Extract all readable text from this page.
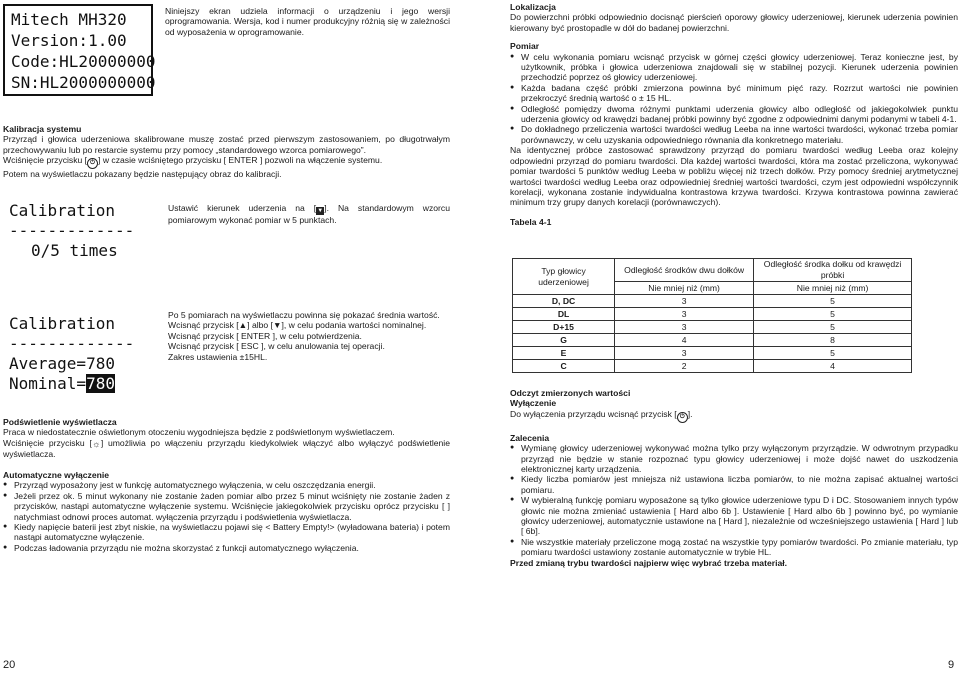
Mitech MH320
Version:1.00
Code:HL20000000
SN:HL2000000000

Niniejszy ekran udziela informacji o urządzeniu i jego wersji oprogramowania. Wersja, kod i numer produkcyjny różnią się w zależności od wyposażenia w oprogramowanie.

Kalibracja systemu

Przyrząd i głowica uderzeniowa skalibrowane muszę zostać przed pierwszym zastosowaniem, po długotrwałym przechowywaniu lub po restarcie systemu przy pomocy „standardowego wzorca pomiarowego”.

Wciśnięcie przycisku [ ⏻ ] w czasie wciśniętego przycisku [ ENTER ] pozwoli na włączenie systemu.

Potem na wyświetlaczu pokazany będzie następujący obraz do kalibracji.

Calibration
-------------
0/5 times

Ustawić kierunek uderzenia na [▼]. Na standardowym wzorcu pomiarowym wykonać pomiar w 5 punktach.

Calibration
-------------
Average=780
Nominal=780

Po 5 pomiarach na wyświetlaczu powinna się pokazać średnia wartość.

Wcisnąć przycisk [▲] albo [▼], w celu podania wartości nominalnej.

Wcisnąć przycisk [ ENTER ], w celu potwierdzenia.

Wcisnąć przycisk [ ESC ], w celu anulowania tej operacji.

Zakres ustawienia ±15HL.

Podświetlenie wyświetlacza

Praca w niedostatecznie oświetlonym otoczeniu wygodniejsza będzie z podświetlonym wyświetlaczem.

Wciśnięcie przycisku [☼] umożliwia po włączeniu przyrządu kiedykolwiek włączyć albo wyłączyć podświetlenie wyświetlacza.

Automatyczne wyłączenie

● Przyrząd wyposażony jest w funkcję automatycznego wyłączenia, w celu oszczędzania energii.
● Jeżeli przez ok. 5 minut wykonany nie zostanie żaden pomiar albo przez 5 minut wciśnięty nie zostanie żaden z przycisków, nastąpi automatyczne wyłączenie systemu. Wciśnięcie jakiegokolwiek przycisku oprócz przycisku [ ] natychmiast odnowi proces automat. wyłączenia przyrządu i podświetlenia wyświetlacza.
● Kiedy napięcie baterii jest zbyt niskie, na wyświetlaczu pojawi się < Battery Empty!> (wyładowana bateria) i potem nastąpi automatyczne wyłączenie.
● Podczas ładowania przyrządu nie można skorzystać z funkcji automatycznego wyłączenia.
20

Lokalizacja

Do powierzchni próbki odpowiednio docisnąć pierścień oporowy głowicy uderzeniowej, kierunek uderzenia powinien kierowany być prostopadle w dół do badanej powierzchni.

Pomiar

● W celu wykonania pomiaru wcisnąć przycisk w górnej części głowicy uderzeniowej. Teraz konieczne jest, by użytkownik, próbka i głowica uderzeniowa znajdowali się w stabilnej pozycji. Kierunek uderzenia powinien przechodzić poprzez oś głowicy uderzeniowej.
● Każda badana część próbki zmierzona powinna być minimum pięć razy. Rozrzut wartości nie powinien przekroczyć średnią wartość o ± 15 HL.
● Odległość pomiędzy dwoma różnymi punktami uderzenia głowicy albo odległość od jakiegokolwiek punktu uderzenia głowicy od krawędzi badanej próbki powinny być zgodne z odpowiednimi danymi podanymi w tabeli 4-1.
● Do dokładnego przeliczenia wartości twardości według Leeba na inne wartości twardości, wykonać trzeba pomiar porównawczy, w celu uzyskania odpowiedniego równania dla konkretnego materiału.

Na identycznej próbce zastosować sprawdzony przyrząd do pomiaru twardości według Leeba oraz kolejny odpowiedni przyrząd do pomiaru twardości. Dla każdej wartości twardości, która ma zostać przeliczona, wykonywać pomiar twardości 5 punktów według Leeba w pobliżu więcej niż trzech dołków. Przy pomocy średniej arytmetycznej wartości twardości według Leeba oraz odpowiedniej średniej wartości twardości, czym jest odpowiedni współczynnik korelacji, wykonana zostanie indywidualna kontrastowa krzywa twardości. Krzywa kontrastowa powinna zawierać minimum trzy grupy danych korelacji (porównawczych).

Tabela 4-1

Typ głowicy uderzeniowej	Odległość środków dwu dołków	Odległość środka dołku od krawędzi próbki
	Nie mniej niż (mm)	Nie mniej niż (mm)
D, DC	3	5
DL	3	5
D+15	3	5
G	4	8
E	3	5
C	2	4

Odczyt zmierzonych wartości

Wyłączenie

Do wyłączenia przyrządu wcisnąć przycisk [ ⏻ ].

Zalecenia

● Wymianę głowicy uderzeniowej wykonywać można tylko przy wyłączonym przyrządzie. W odwrotnym przypadku przyrząd nie będzie w stanie rozpoznać typu głowicy uderzeniowej i może dojść nawet do uszkodzenia elektronicznej karty urządzenia.
● Kiedy liczba pomiarów jest mniejsza niż ustawiona liczba pomiarów, to nie można zapisać aktualnej wartości pomiaru.
● W wybieralną funkcję pomiaru wyposażone są tylko głowice uderzeniowe typu D i DC. Stosowaniem innych typów głowic nie można zmieniać ustawienia [ Hard albo 6b ]. Ustawienie [ Hard albo 6b ] powinno być, po wymianie głowicy uderzeniowej, automatycznie ustawione na [ Hard ], niezależnie od wcześniejszego ustawienia [ Hard ] lub [ 6b].
● Nie wszystkie materiały przeliczone mogą zostać na wszystkie typy pomiarów twardości. Po zmianie materiału, typ pomiaru twardości ustawiony zostanie automatycznie w trybie HL.

Przed zmianą trybu twardości najpierw więc wybrać trzeba materiał.

9
